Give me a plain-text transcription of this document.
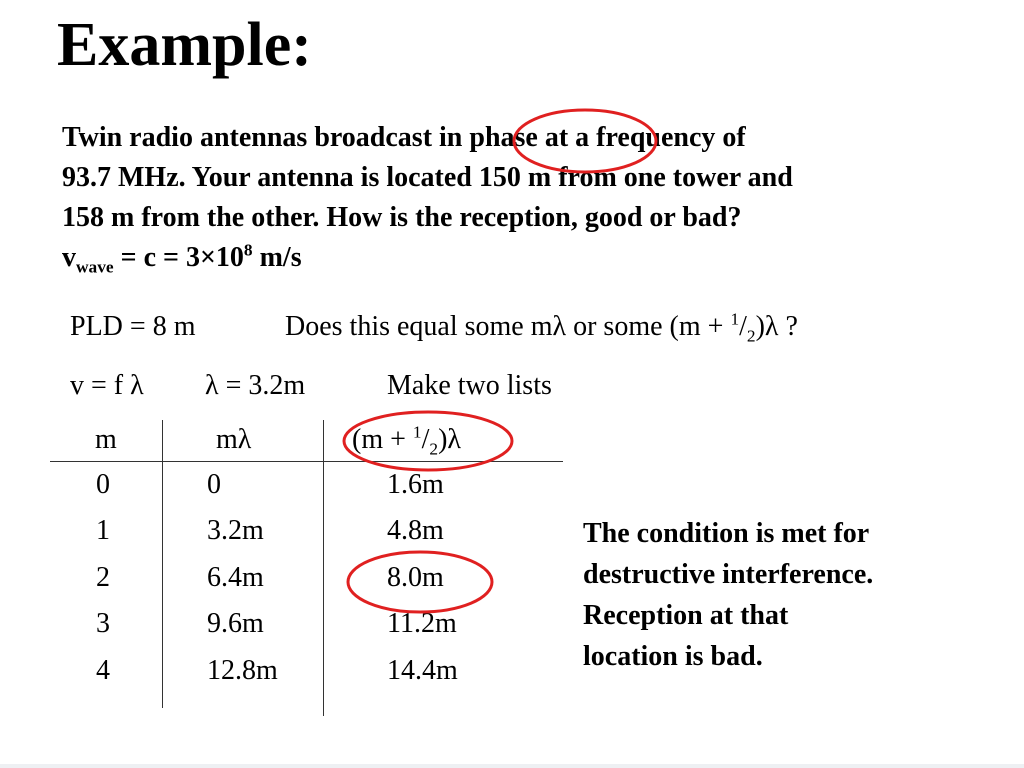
Example:
Twin radio antennas broadcast in phase at a frequency of
93.7 MHz. Your antenna is located 150 m from one tower and
158 m from the other. How is the reception, good or bad?
$v_{wave} = c = 3\times 10^8$ m/s
PLD = 8 m	Does this equal some mλ or some $(m + ^1/_2)\lambda$ ?
v = f λ λ = 3.2m	Make two lists
m	mλ	$(m + ^1/_2)\lambda$
0	0	1.6m
1	3.2m	4.8m
2	6.4m	8.0m
3	9.6m	11.2m
4	12.8m	14.4m
The condition is met for
destructive interference.
Reception at that
location is bad.
